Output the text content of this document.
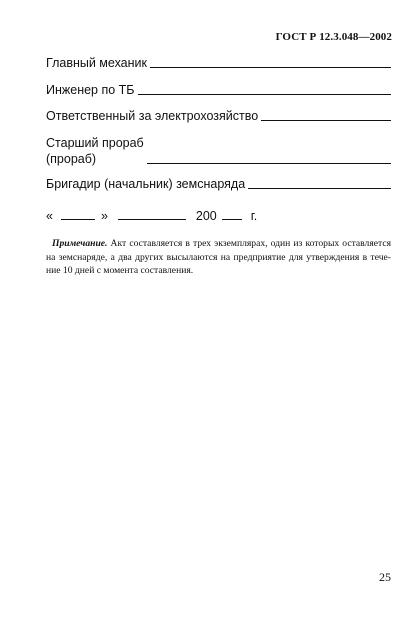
ГОСТ Р 12.3.048—2002
Главный механик
Инженер по ТБ
Ответственный за электрохозяйство
Старший прораб
(прораб)
Бригадир (начальник) земснаряда
«	»	200	г.
Примечание. Акт составляется в трех экземплярах, один из которых оставляется на земснаряде, а два других высылаются на предприятие для утверждения в течение 10 дней с момента составления.
25
